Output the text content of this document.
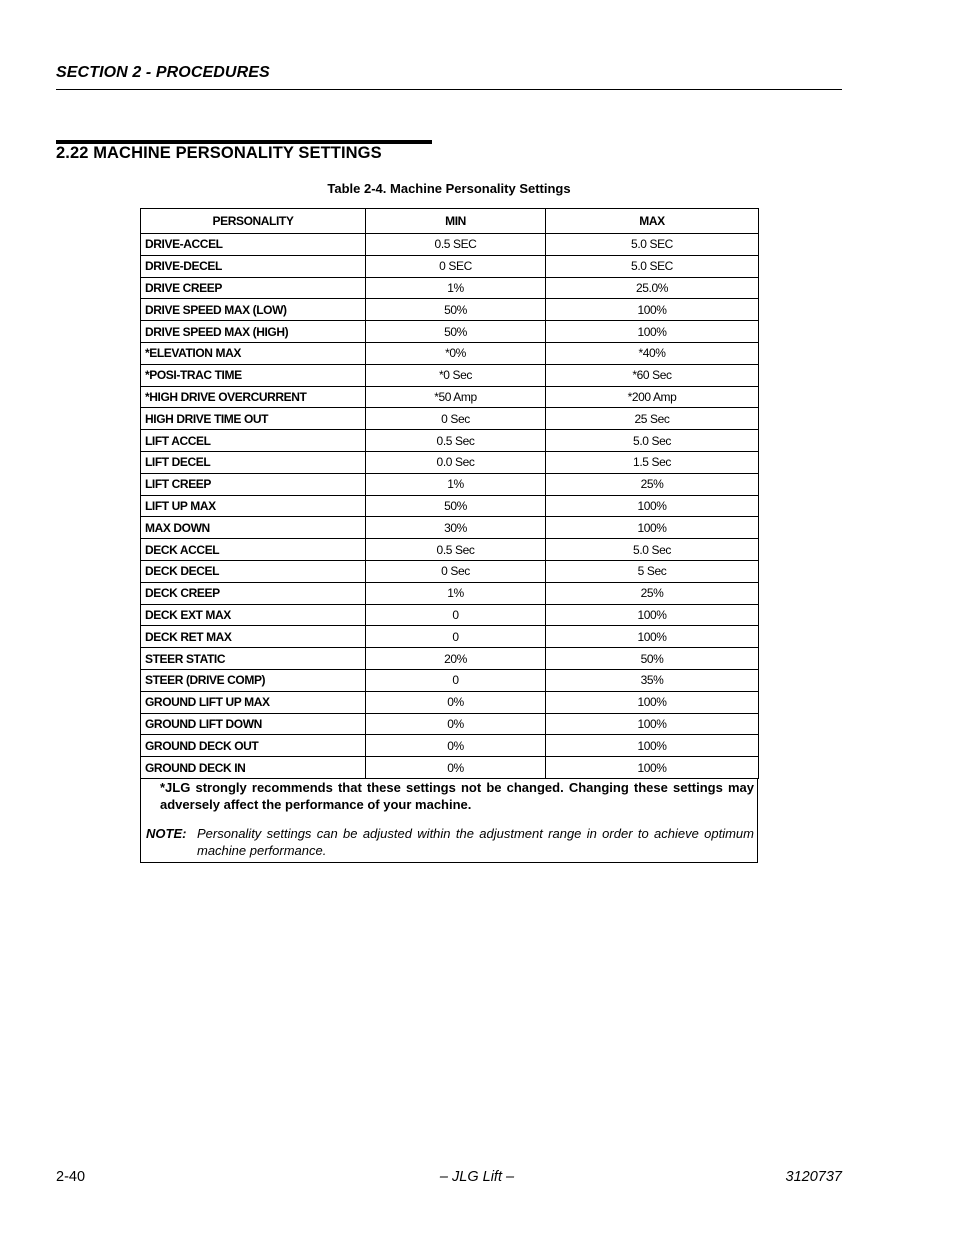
SECTION 2 - PROCEDURES
2.22 MACHINE PERSONALITY SETTINGS
Table 2-4. Machine Personality Settings
PERSONALITY	MIN	MAX
DRIVE-ACCEL	0.5 SEC	5.0 SEC
DRIVE-DECEL	0 SEC	5.0 SEC
DRIVE CREEP	1%	25.0%
DRIVE SPEED MAX (LOW)	50%	100%
DRIVE SPEED MAX (HIGH)	50%	100%
*ELEVATION MAX	*0%	*40%
*POSI-TRAC TIME	*0 Sec	*60 Sec
*HIGH DRIVE OVERCURRENT	*50 Amp	*200 Amp
HIGH DRIVE TIME OUT	0 Sec	25 Sec
LIFT ACCEL	0.5 Sec	5.0 Sec
LIFT DECEL	0.0 Sec	1.5 Sec
LIFT CREEP	1%	25%
LIFT UP MAX	50%	100%
MAX DOWN	30%	100%
DECK ACCEL	0.5 Sec	5.0 Sec
DECK DECEL	0 Sec	5 Sec
DECK CREEP	1%	25%
DECK EXT MAX	0	100%
DECK RET MAX	0	100%
STEER STATIC	20%	50%
STEER (DRIVE COMP)	0	35%
GROUND LIFT UP MAX	0%	100%
GROUND LIFT DOWN	0%	100%
GROUND DECK OUT	0%	100%
GROUND DECK IN	0%	100%
*JLG strongly recommends that these settings not be changed. Changing these settings may adversely affect the performance of your machine.
NOTE: Personality settings can be adjusted within the adjustment range in order to achieve optimum machine performance.
2-40	– JLG Lift –	3120737
